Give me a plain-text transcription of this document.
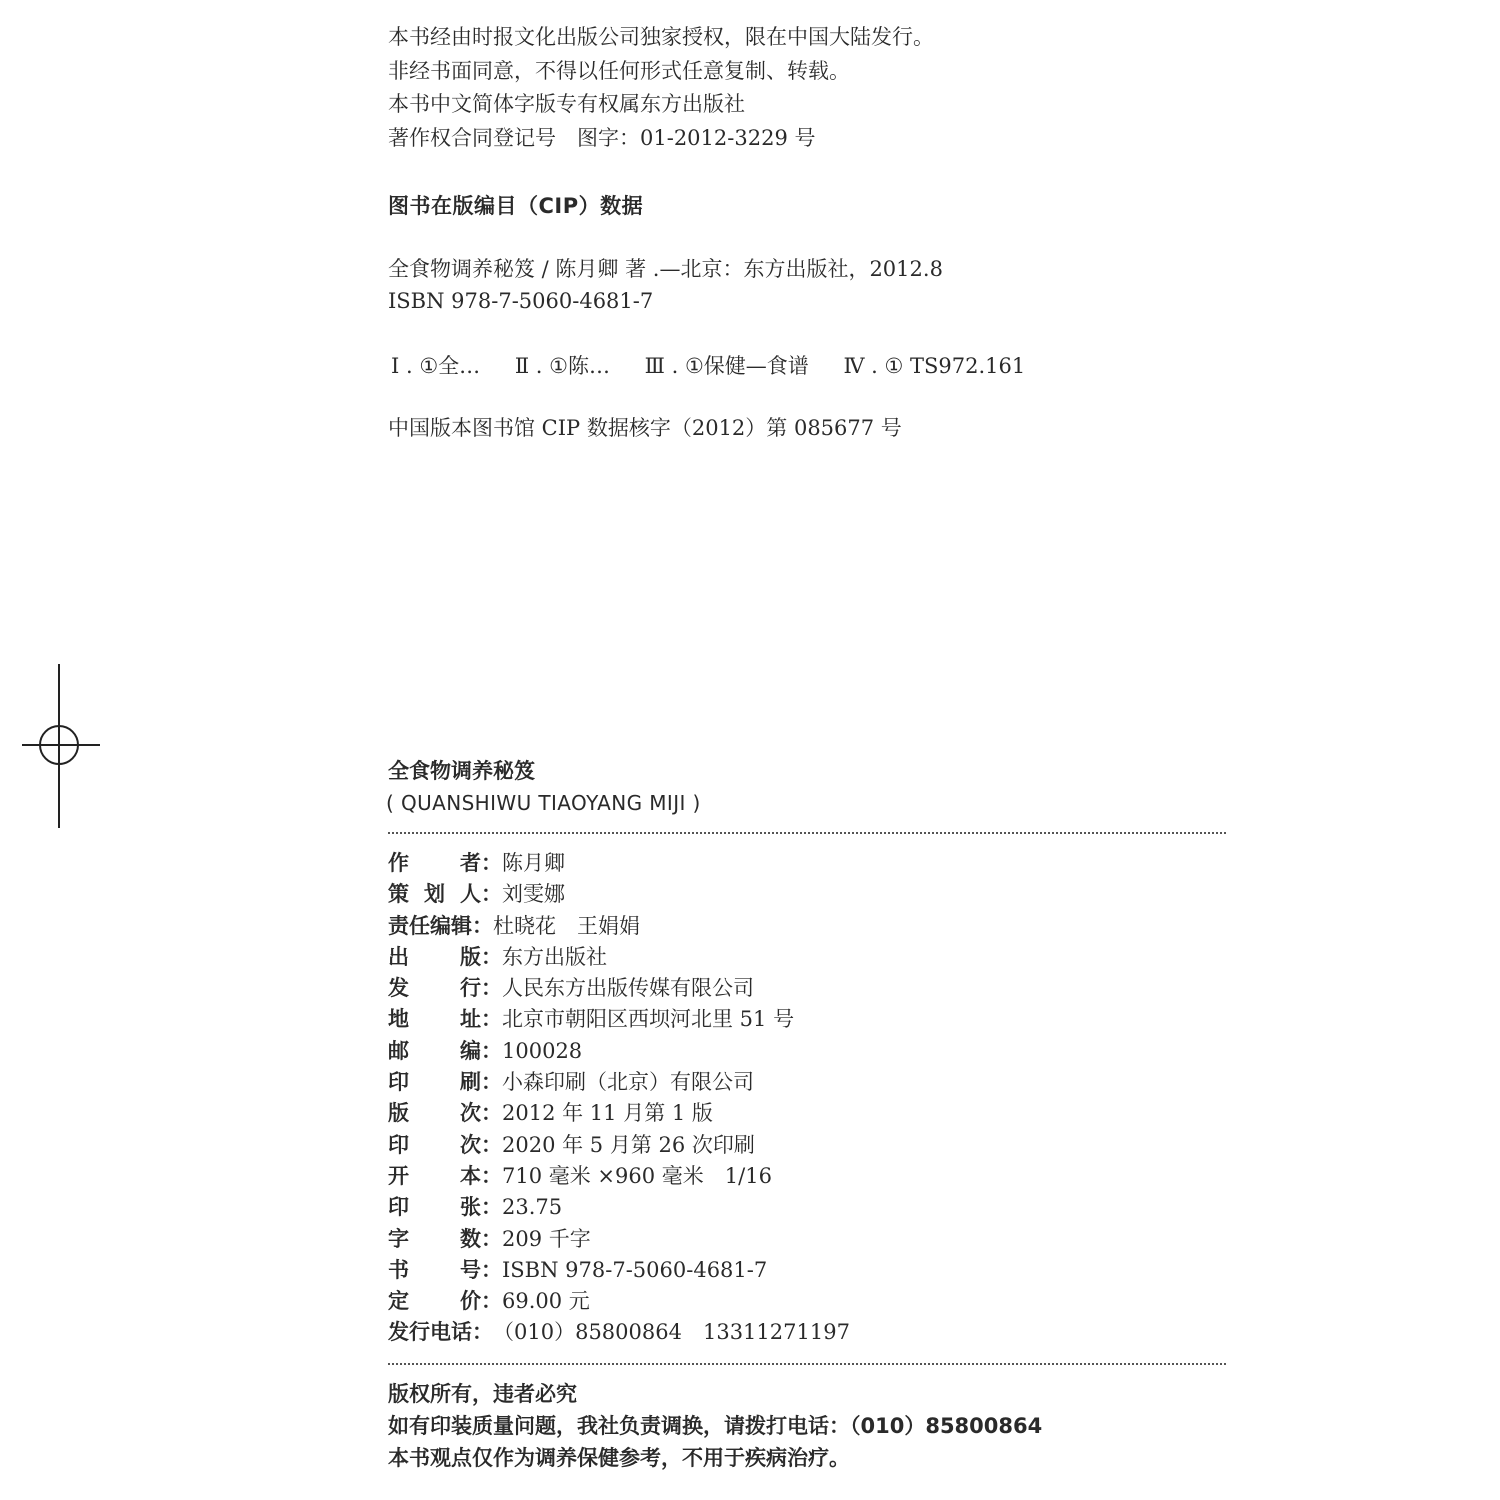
本书经由时报文化出版公司独家授权，限在中国大陆发行。
非经书面同意，不得以任何形式任意复制、转载。
本书中文简体字版专有权属东方出版社
著作权合同登记号　图字：01-2012-3229 号
图书在版编目（CIP）数据
全食物调养秘笈 / 陈月卿 著 .—北京：东方出版社，2012.8
ISBN 978-7-5060-4681-7
Ⅰ . ①全… Ⅱ . ①陈… Ⅲ . ①保健—食谱 Ⅳ . ① TS972.161
中国版本图书馆 CIP 数据核字（2012）第 085677 号
全食物调养秘笈
( QUANSHIWU TIAOYANG MIJI )
作 者： 陈月卿
策 划 人： 刘雯娜
责任编辑： 杜晓花　王娟娟
出 版： 东方出版社
发 行： 人民东方出版传媒有限公司
地 址： 北京市朝阳区西坝河北里 51 号
邮 编： 100028
印 刷： 小森印刷（北京）有限公司
版 次： 2012 年 11 月第 1 版
印 次： 2020 年 5 月第 26 次印刷
开 本： 710 毫米 ×960 毫米　1/16
印 张： 23.75
字 数： 209 千字
书 号： ISBN 978-7-5060-4681-7
定 价： 69.00 元
发行电话： （010）85800864　13311271197
版权所有，违者必究
如有印装质量问题，我社负责调换，请拨打电话：（010）85800864
本书观点仅作为调养保健参考，不用于疾病治疗。
